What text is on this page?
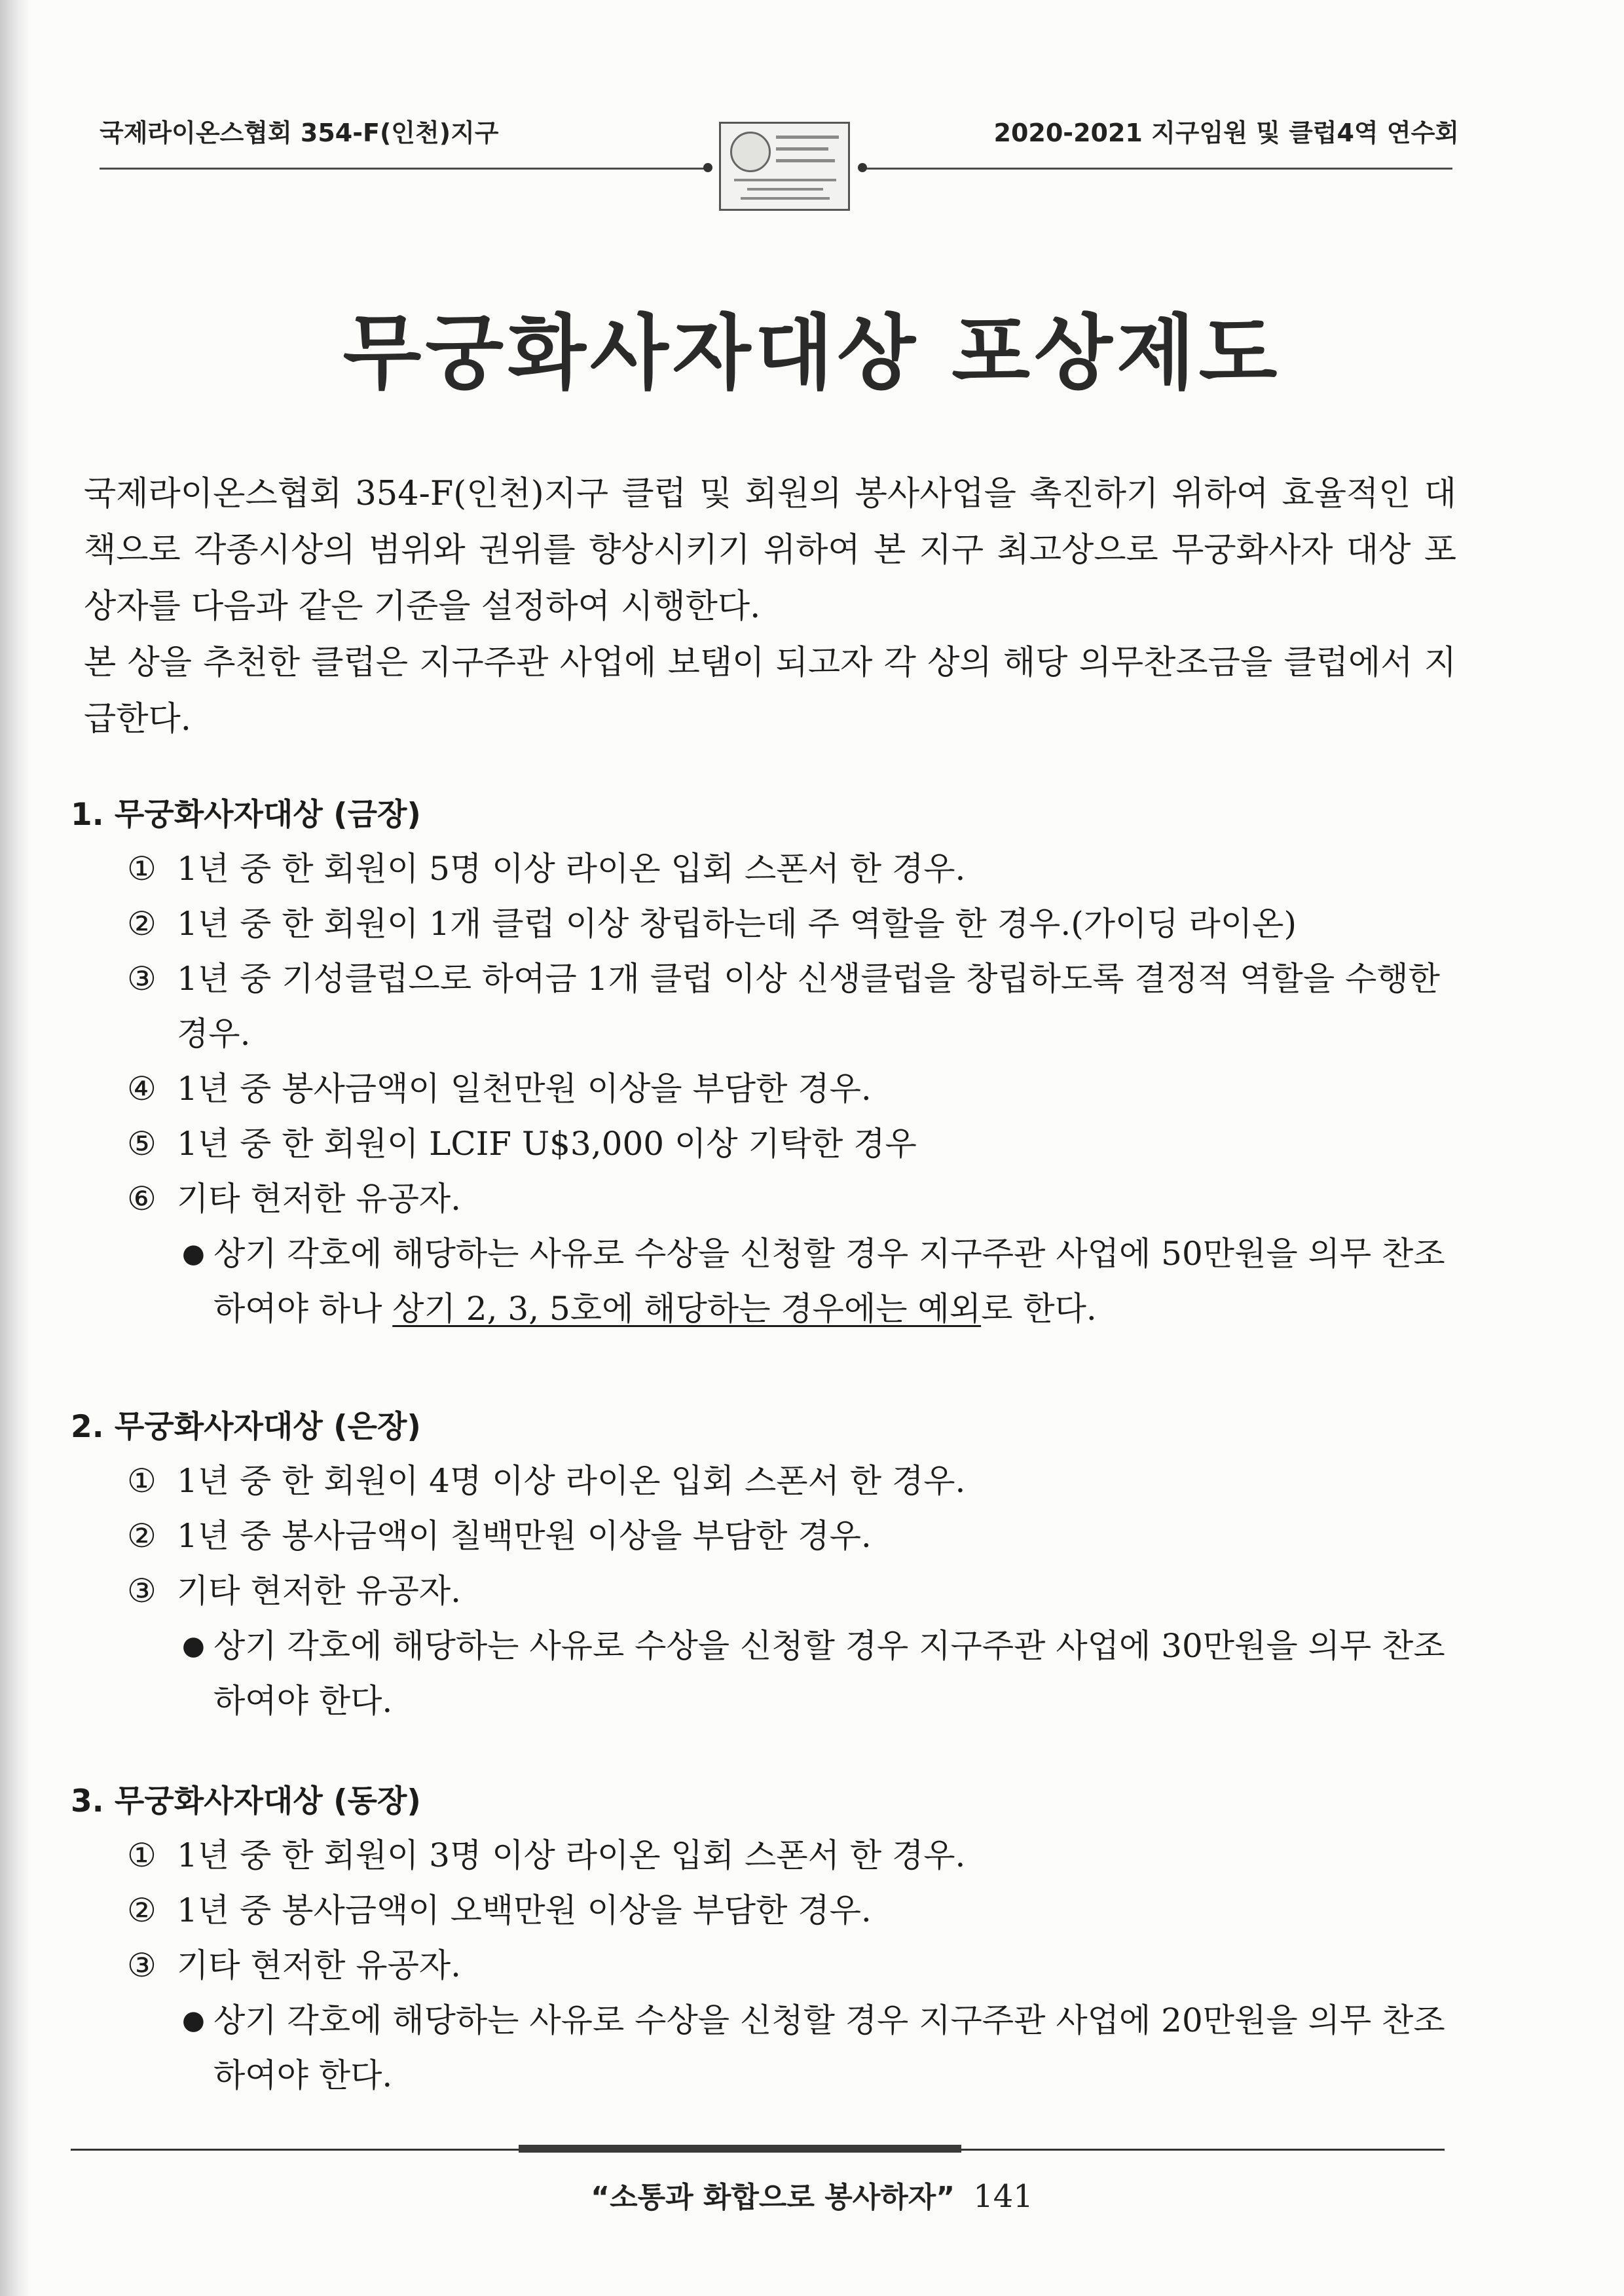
국제라이온스협회 354-F(인천)지구	2020-2021 지구임원 및 클럽4역 연수회
무궁화사자대상 포상제도

국제라이온스협회 354-F(인천)지구 클럽 및 회원의 봉사사업을 촉진하기 위하여 효율적인 대책으로 각종시상의 범위와 권위를 향상시키기 위하여 본 지구 최고상으로 무궁화사자 대상 포상자를 다음과 같은 기준을 설정하여 시행한다.

본 상을 추천한 클럽은 지구주관 사업에 보탬이 되고자 각 상의 해당 의무찬조금을 클럽에서 지급한다.

1. 무궁화사자대상 (금장)
① 1년 중 한 회원이 5명 이상 라이온 입회 스폰서 한 경우.
② 1년 중 한 회원이 1개 클럽 이상 창립하는데 주 역할을 한 경우.(가이딩 라이온)
③ 1년 중 기성클럽으로 하여금 1개 클럽 이상 신생클럽을 창립하도록 결정적 역할을 수행한 경우.
④ 1년 중 봉사금액이 일천만원 이상을 부담한 경우.
⑤ 1년 중 한 회원이 LCIF U$3,000 이상 기탁한 경우
⑥ 기타 현저한 유공자.
● 상기 각호에 해당하는 사유로 수상을 신청할 경우 지구주관 사업에 50만원을 의무 찬조하여야 하나 상기 2, 3, 5호에 해당하는 경우에는 예외로 한다.
2. 무궁화사자대상 (은장)
① 1년 중 한 회원이 4명 이상 라이온 입회 스폰서 한 경우.
② 1년 중 봉사금액이 칠백만원 이상을 부담한 경우.
③ 기타 현저한 유공자.
● 상기 각호에 해당하는 사유로 수상을 신청할 경우 지구주관 사업에 30만원을 의무 찬조하여야 한다.
3. 무궁화사자대상 (동장)
① 1년 중 한 회원이 3명 이상 라이온 입회 스폰서 한 경우.
② 1년 중 봉사금액이 오백만원 이상을 부담한 경우.
③ 기타 현저한 유공자.
● 상기 각호에 해당하는 사유로 수상을 신청할 경우 지구주관 사업에 20만원을 의무 찬조하여야 한다.
“소통과 화합으로 봉사하자” 141
